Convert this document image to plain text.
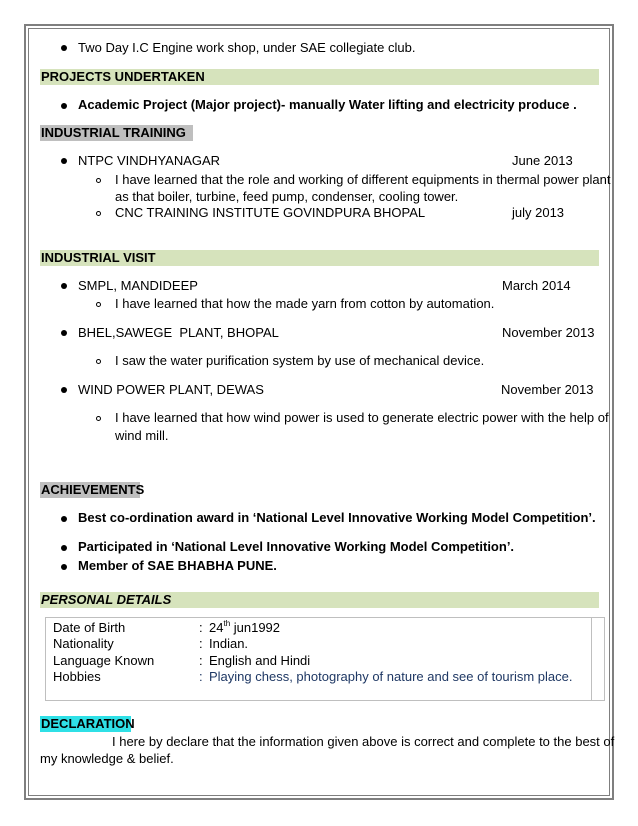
Two Day I.C Engine work shop, under SAE collegiate club.
PROJECTS UNDERTAKEN
Academic Project (Major project)- manually Water lifting and electricity produce .
INDUSTRIAL TRAINING
NTPC VINDHYANAGAR	June 2013
I have learned that the role and working of different equipments in thermal power plant
as that boiler, turbine, feed pump, condenser, cooling tower.
CNC TRAINING INSTITUTE GOVINDPURA BHOPAL	july 2013
INDUSTRIAL VISIT
SMPL, MANDIDEEP	March 2014
I have learned that how the made yarn from cotton by automation.
BHEL,SAWEGE  PLANT, BHOPAL	November 2013
I saw the water purification system by use of mechanical device.
WIND POWER PLANT, DEWAS	November 2013
I have learned that how wind power is used to generate electric power with the help of
wind mill.
ACHIEVEMENTS
Best co-ordination award in ‘National Level Innovative Working Model Competition’.
Participated in ‘National Level Innovative Working Model Competition’.
Member of SAE BHABHA PUNE.
PERSONAL DETAILS
Date of Birth	: 24th jun1992
Nationality	: Indian.
Language Known	: English and Hindi
Hobbies	: Playing chess, photography of nature and see of tourism place.
DECLARATION
I here by declare that the information given above is correct and complete to the best of
my knowledge & belief.
